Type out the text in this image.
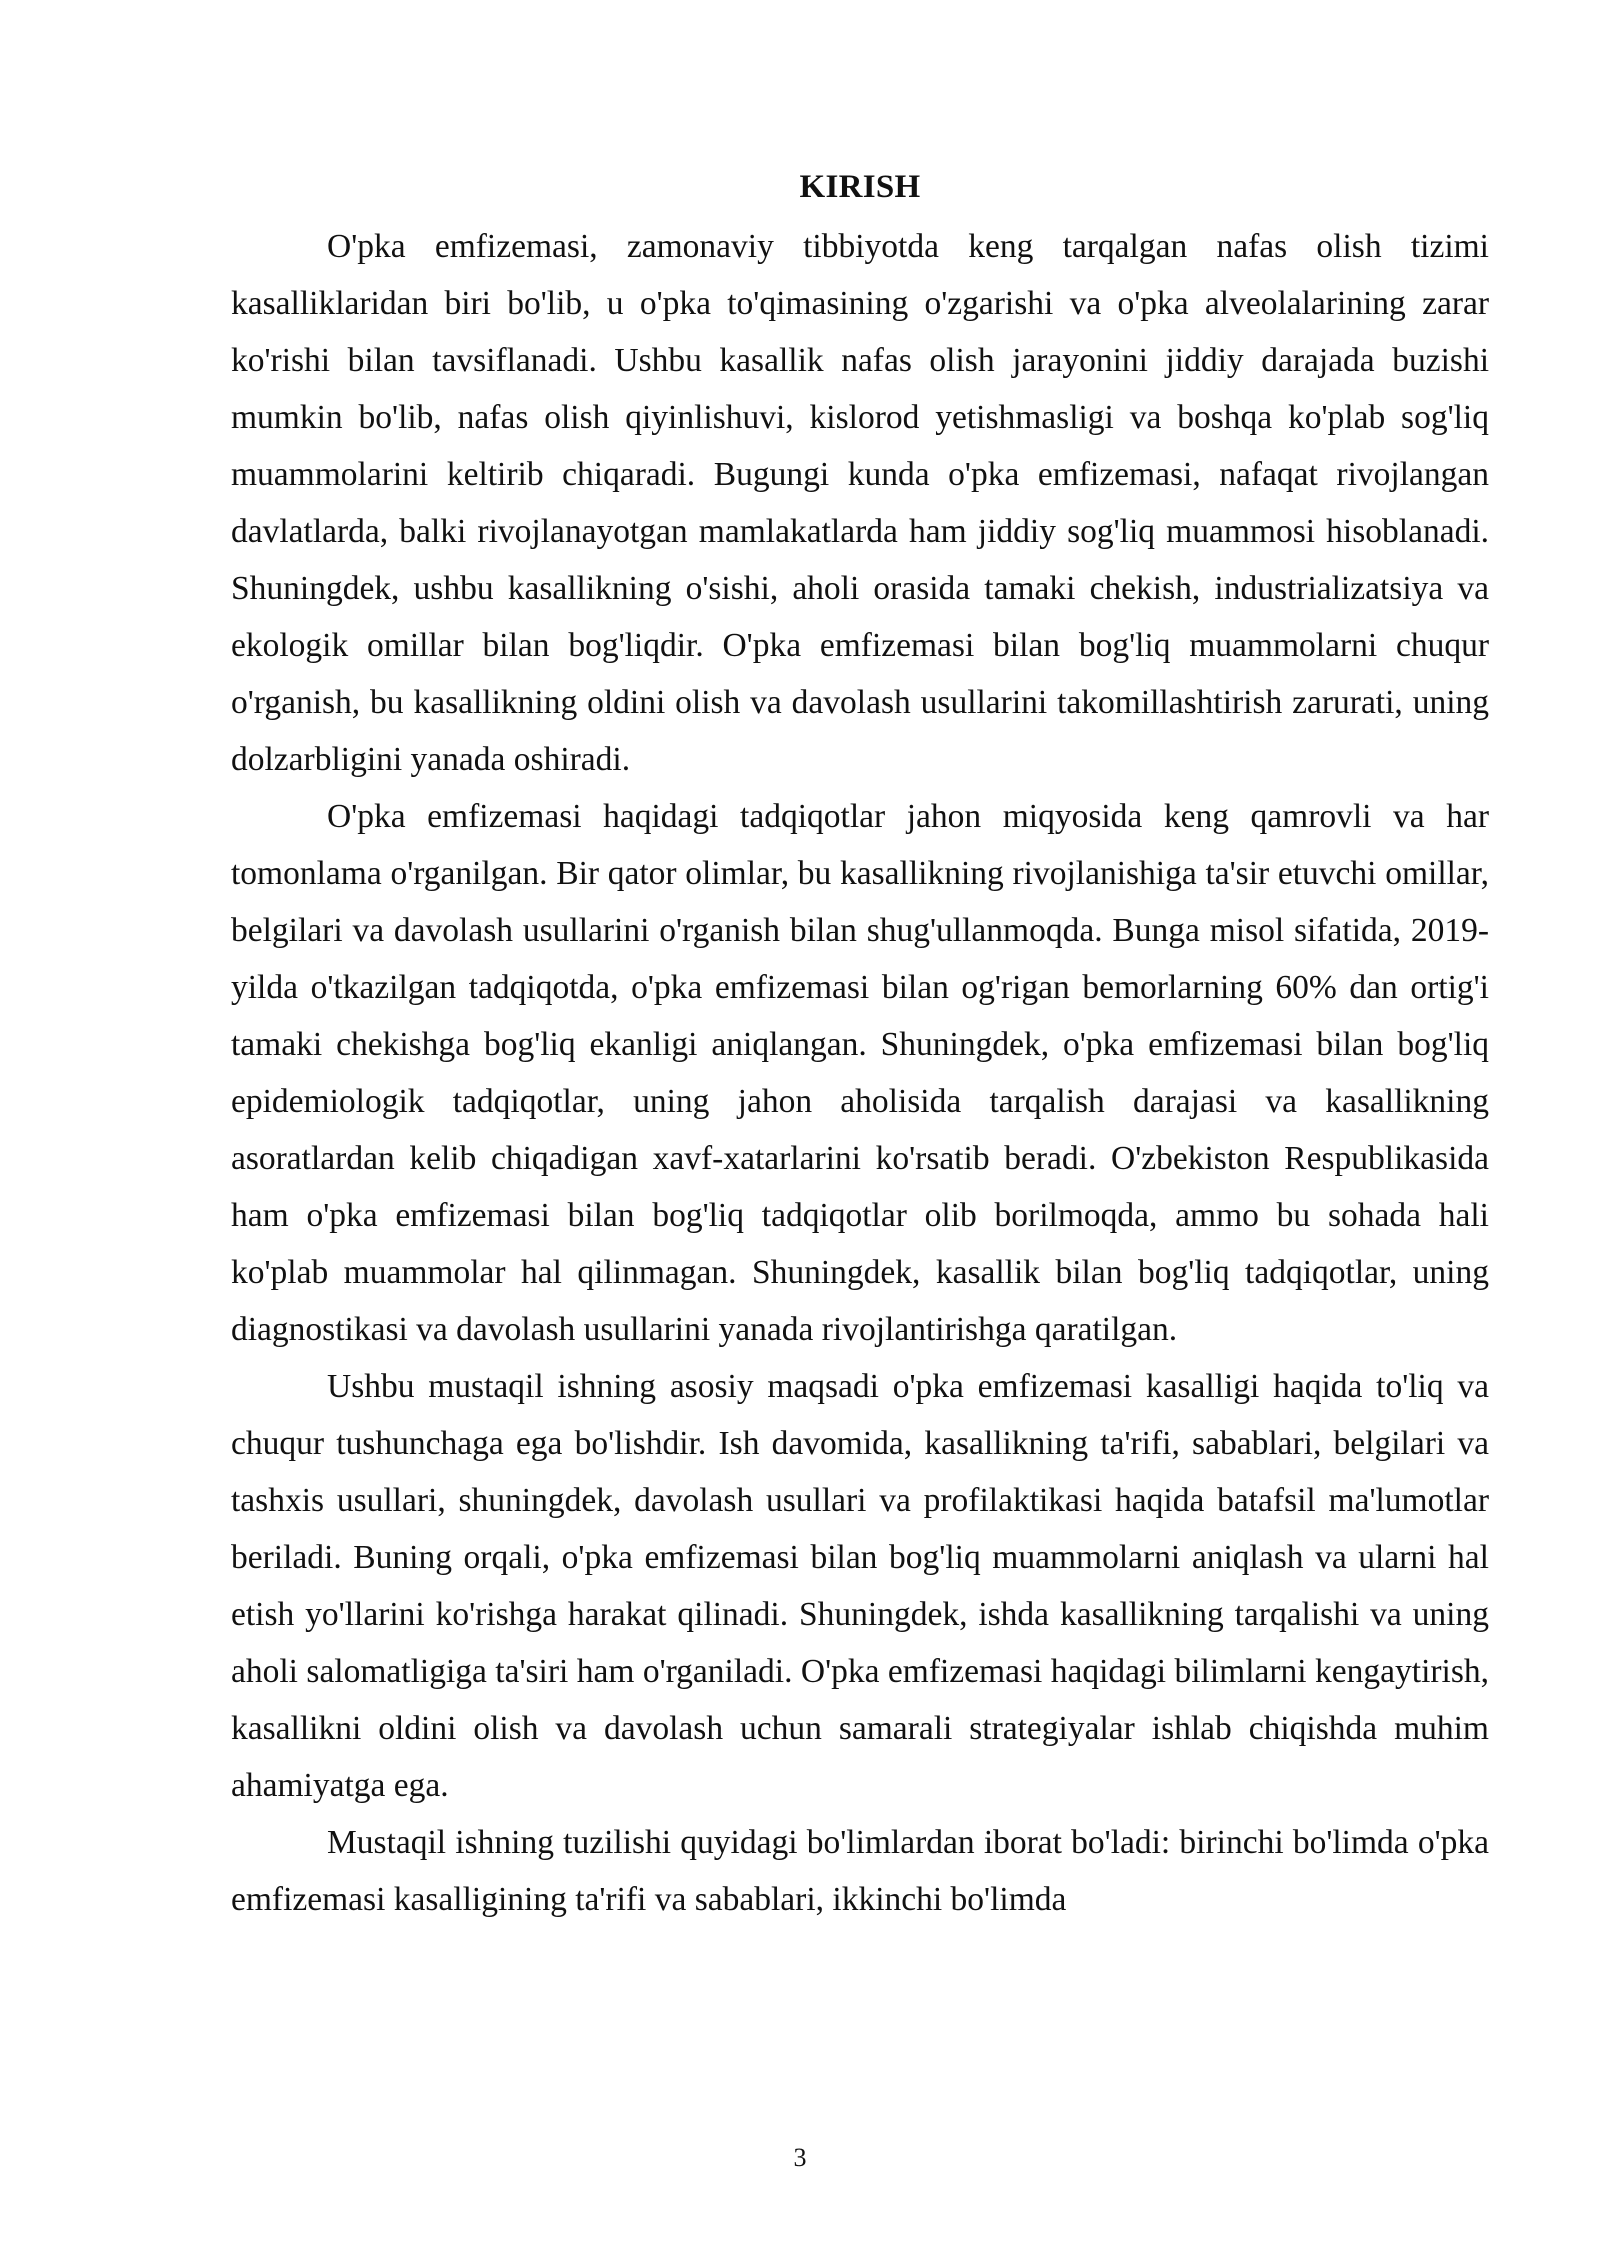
KIRISH

O'pka emfizemasi, zamonaviy tibbiyotda keng tarqalgan nafas olish tizimi kasalliklaridan biri bo'lib, u o'pka to'qimasining o'zgarishi va o'pka alveolalarining zarar ko'rishi bilan tavsiflanadi. Ushbu kasallik nafas olish jarayonini jiddiy darajada buzishi mumkin bo'lib, nafas olish qiyinlishuvi, kislorod yetishmasligi va boshqa ko'plab sog'liq muammolarini keltirib chiqaradi. Bugungi kunda o'pka emfizemasi, nafaqat rivojlangan davlatlarda, balki rivojlanayotgan mamlakatlarda ham jiddiy sog'liq muammosi hisoblanadi. Shuningdek, ushbu kasallikning o'sishi, aholi orasida tamaki chekish, industrializatsiya va ekologik omillar bilan bog'liqdir. O'pka emfizemasi bilan bog'liq muammolarni chuqur o'rganish, bu kasallikning oldini olish va davolash usullarini takomillashtirish zarurati, uning dolzarbligini yanada oshiradi.

O'pka emfizemasi haqidagi tadqiqotlar jahon miqyosida keng qamrovli va har tomonlama o'rganilgan. Bir qator olimlar, bu kasallikning rivojlanishiga ta'sir etuvchi omillar, belgilari va davolash usullarini o'rganish bilan shug'ullanmoqda. Bunga misol sifatida, 2019-yilda o'tkazilgan tadqiqotda, o'pka emfizemasi bilan og'rigan bemorlarning 60% dan ortig'i tamaki chekishga bog'liq ekanligi aniqlangan. Shuningdek, o'pka emfizemasi bilan bog'liq epidemiologik tadqiqotlar, uning jahon aholisida tarqalish darajasi va kasallikning asoratlardan kelib chiqadigan xavf-xatarlarini ko'rsatib beradi. O'zbekiston Respublikasida ham o'pka emfizemasi bilan bog'liq tadqiqotlar olib borilmoqda, ammo bu sohada hali ko'plab muammolar hal qilinmagan. Shuningdek, kasallik bilan bog'liq tadqiqotlar, uning diagnostikasi va davolash usullarini yanada rivojlantirishga qaratilgan.

Ushbu mustaqil ishning asosiy maqsadi o'pka emfizemasi kasalligi haqida to'liq va chuqur tushunchaga ega bo'lishdir. Ish davomida, kasallikning ta'rifi, sabablari, belgilari va tashxis usullari, shuningdek, davolash usullari va profilaktikasi haqida batafsil ma'lumotlar beriladi. Buning orqali, o'pka emfizemasi bilan bog'liq muammolarni aniqlash va ularni hal etish yo'llarini ko'rishga harakat qilinadi. Shuningdek, ishda kasallikning tarqalishi va uning aholi salomatligiga ta'siri ham o'rganiladi. O'pka emfizemasi haqidagi bilimlarni kengaytirish, kasallikni oldini olish va davolash uchun samarali strategiyalar ishlab chiqishda muhim ahamiyatga ega.

Mustaqil ishning tuzilishi quyidagi bo'limlardan iborat bo'ladi: birinchi bo'limda o'pka emfizemasi kasalligining ta'rifi va sabablari, ikkinchi bo'limda

3
